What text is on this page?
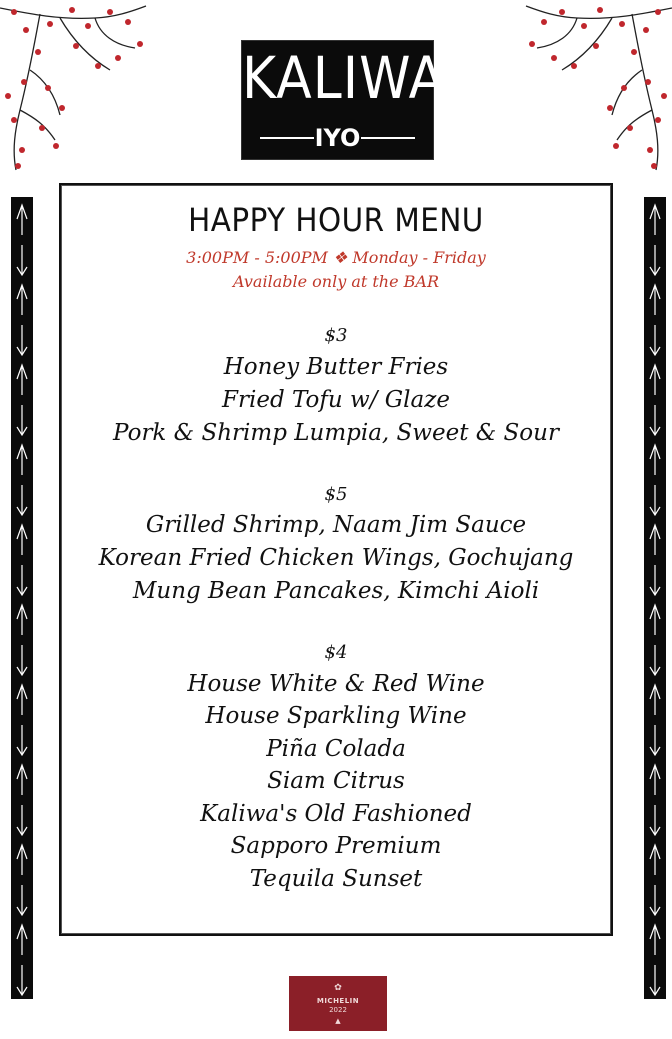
KALIWA
IYO
HAPPY HOUR MENU
3:00PM - 5:00PM ❖ Monday - Friday
Available only at the BAR
$3
Honey Butter Fries
Fried Tofu w/ Glaze
Pork & Shrimp Lumpia, Sweet & Sour
$5
Grilled Shrimp, Naam Jim Sauce
Korean Fried Chicken Wings, Gochujang
Mung Bean Pancakes, Kimchi Aioli
$4
House White & Red Wine
House Sparkling Wine
Piña Colada
Siam Citrus
Kaliwa's Old Fashioned
Sapporo Premium
Tequila Sunset
✿
MICHELIN
2022
▲
